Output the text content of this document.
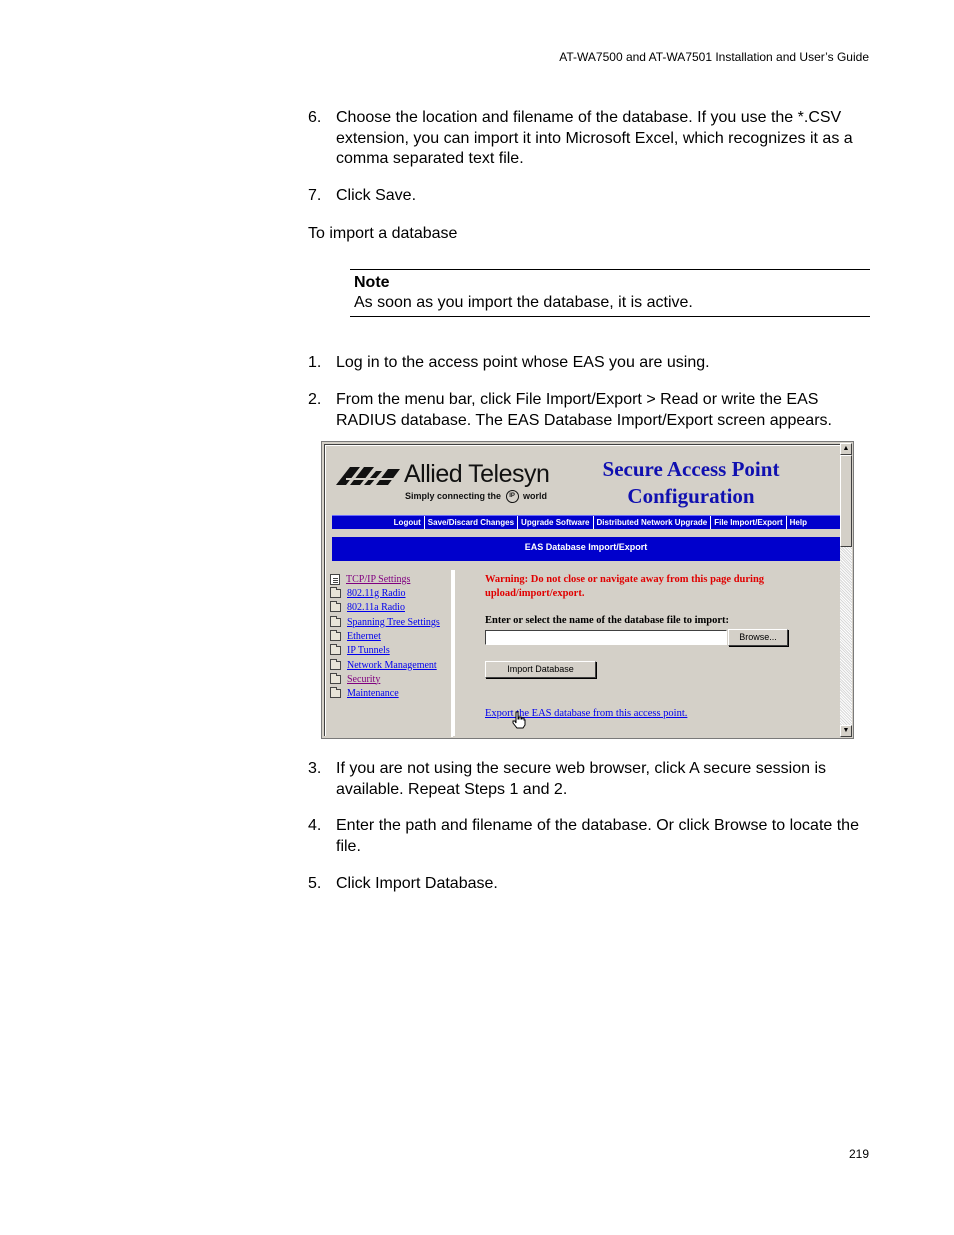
AT-WA7500 and AT-WA7501 Installation and User’s Guide
6. Choose the location and filename of the database. If you use the *.CSV extension, you can import it into Microsoft Excel, which recognizes it as a comma separated text file.
7. Click Save.
To import a database
Note
As soon as you import the database, it is active.
1. Log in to the access point whose EAS you are using.
2. From the menu bar, click File Import/Export > Read or write the EAS RADIUS database. The EAS Database Import/Export screen appears.
Allied Telesyn
Simply connecting the IP world
Secure Access Point Configuration
Logout Save/Discard Changes Upgrade Software Distributed Network Upgrade File Import/Export Help
EAS Database Import/Export
TCP/IP Settings
802.11g Radio
802.11a Radio
Spanning Tree Settings
Ethernet
IP Tunnels
Network Management
Security
Maintenance
Warning: Do not close or navigate away from this page during upload/import/export.
Enter or select the name of the database file to import:
Browse...
Import Database
Export the EAS database from this access point.
▲
▼
3. If you are not using the secure web browser, click A secure session is available. Repeat Steps 1 and 2.
4. Enter the path and filename of the database. Or click Browse to locate the file.
5. Click Import Database.
219
